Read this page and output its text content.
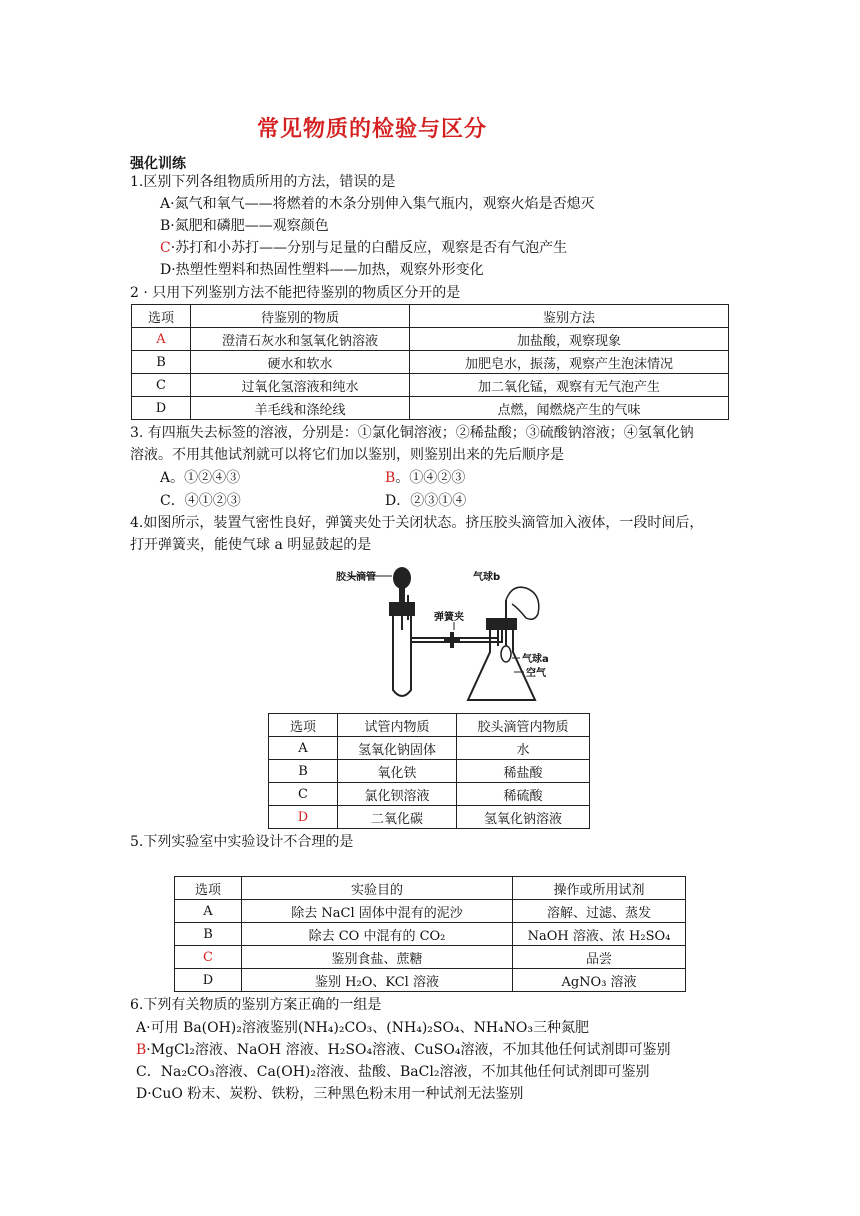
常见物质的检验与区分
强化训练
1.区别下列各组物质所用的方法，错误的是
A·氮气和氧气——将燃着的木条分别伸入集气瓶内，观察火焰是否熄灭
B·氮肥和磷肥——观察颜色
C·苏打和小苏打——分别与足量的白醋反应，观察是否有气泡产生
D·热塑性塑料和热固性塑料——加热，观察外形变化
2 · 只用下列鉴别方法不能把待鉴别的物质区分开的是
选项	待鉴别的物质	鉴别方法
A	澄清石灰水和氢氧化钠溶液	加盐酸，观察现象
B	硬水和软水	加肥皂水，振荡，观察产生泡沫情况
C	过氧化氢溶液和纯水	加二氧化锰，观察有无气泡产生
D	羊毛线和涤纶线	点燃，闻燃烧产生的气味
3. 有四瓶失去标签的溶液，分别是：①氯化铜溶液；②稀盐酸；③硫酸钠溶液；④氢氧化钠
溶液。不用其他试剂就可以将它们加以鉴别，则鉴别出来的先后顺序是
A。①②④③	B。①④②③
C．④①②③	D．②③①④
4.如图所示，装置气密性良好，弹簧夹处于关闭状态。挤压胶头滴管加入液体，一段时间后，
打开弹簧夹，能使气球 a 明显鼓起的是
胶头滴管
弹簧夹
气球b
气球a
空气
选项	试管内物质	胶头滴管内物质
A	氢氧化钠固体	水
B	氧化铁	稀盐酸
C	氯化钡溶液	稀硫酸
D	二氧化碳	氢氧化钠溶液
5.下列实验室中实验设计不合理的是
选项	实验目的	操作或所用试剂
A	除去 NaCl 固体中混有的泥沙	溶解、过滤、蒸发
B	除去 CO 中混有的 CO₂	NaOH 溶液、浓 H₂SO₄
C	鉴别食盐、蔗糖	品尝
D	鉴别 H₂O、KCl 溶液	AgNO₃ 溶液
6.下列有关物质的鉴别方案正确的一组是
A·可用 Ba(OH)₂溶液鉴别(NH₄)₂CO₃、(NH₄)₂SO₄、NH₄NO₃三种氮肥
B·MgCl₂溶液、NaOH 溶液、H₂SO₄溶液、CuSO₄溶液，不加其他任何试剂即可鉴别
C．Na₂CO₃溶液、Ca(OH)₂溶液、盐酸、BaCl₂溶液，不加其他任何试剂即可鉴别
D·CuO 粉末、炭粉、铁粉，三种黑色粉末用一种试剂无法鉴别
